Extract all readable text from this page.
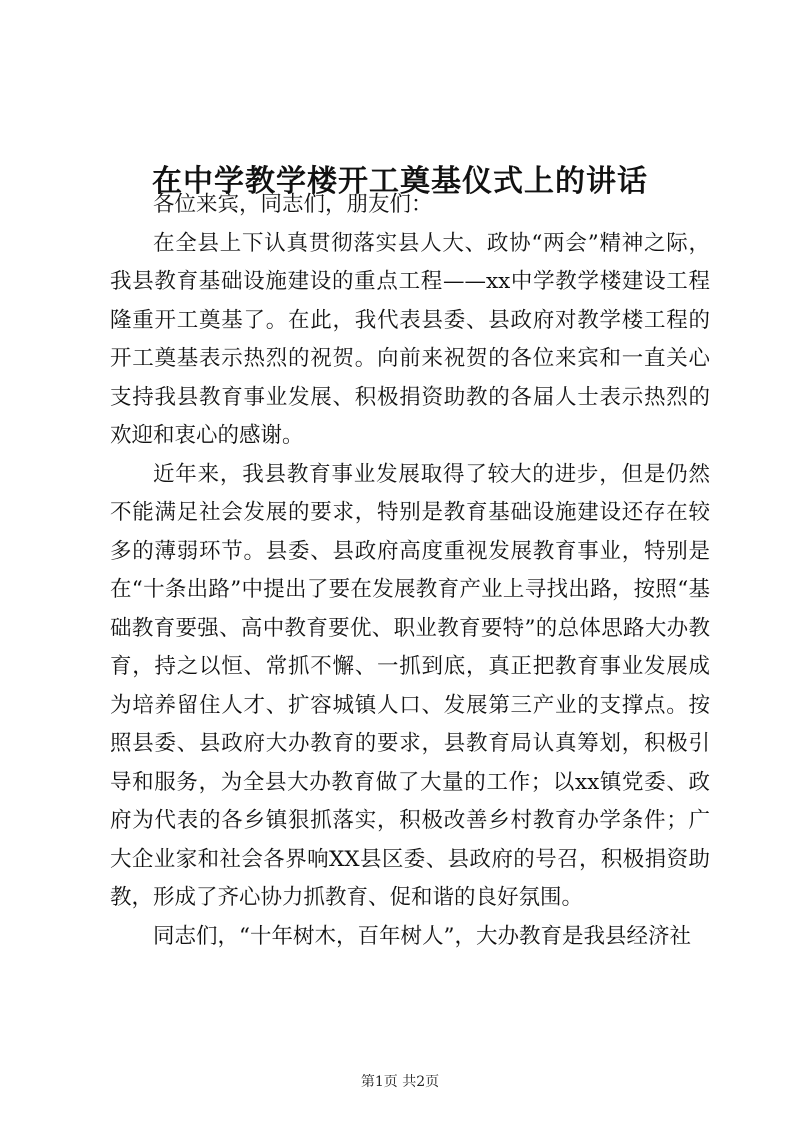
在中学教学楼开工奠基仪式上的讲话

各位来宾，同志们，朋友们：

在全县上下认真贯彻落实县人大、政协“两会”精神之际，我县教育基础设施建设的重点工程——xx中学教学楼建设工程隆重开工奠基了。在此，我代表县委、县政府对教学楼工程的开工奠基表示热烈的祝贺。向前来祝贺的各位来宾和一直关心支持我县教育事业发展、积极捐资助教的各届人士表示热烈的欢迎和衷心的感谢。

近年来，我县教育事业发展取得了较大的进步，但是仍然不能满足社会发展的要求，特别是教育基础设施建设还存在较多的薄弱环节。县委、县政府高度重视发展教育事业，特别是在“十条出路”中提出了要在发展教育产业上寻找出路，按照“基础教育要强、高中教育要优、职业教育要特”的总体思路大办教育，持之以恒、常抓不懈、一抓到底，真正把教育事业发展成为培养留住人才、扩容城镇人口、发展第三产业的支撑点。按照县委、县政府大办教育的要求，县教育局认真筹划，积极引导和服务，为全县大办教育做了大量的工作；以xx镇党委、政府为代表的各乡镇狠抓落实，积极改善乡村教育办学条件；广大企业家和社会各界响XX县区委、县政府的号召，积极捐资助教，形成了齐心协力抓教育、促和谐的良好氛围。

同志们，“十年树木，百年树人”，大办教育是我县经济社

第1页 共2页
